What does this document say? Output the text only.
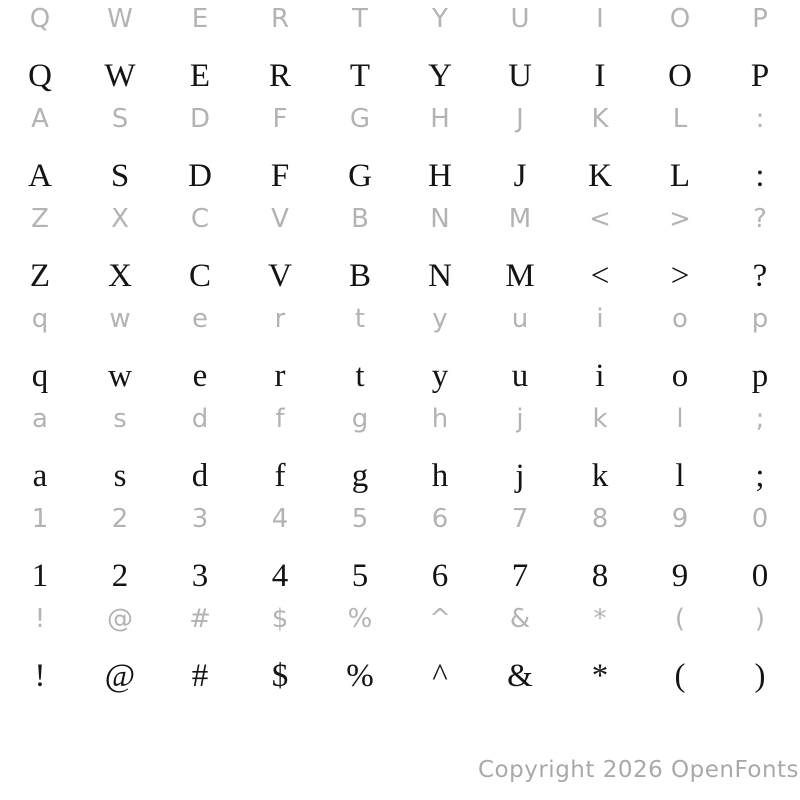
Q W E R T Y U	I	O P
Q W E R T Y U I O P
A S D F G H	J	K L	:
A S D F G H J K L :
Z X C V B N M < > ?
Z X C V B N M < > ?
q w e	r	t	y u	i	o p
q w e r t y u i o p
a	s d	f	g h	j	k	l	;
a s d f g h j k l ;
1 2 3 4 5 6 7 8 9 0
1 2 3 4 5 6 7 8 9 0
! @ # $ % ^ & *	(	)
! @ # $ % ^ & * ( )
Copyright 2026 OpenFonts
